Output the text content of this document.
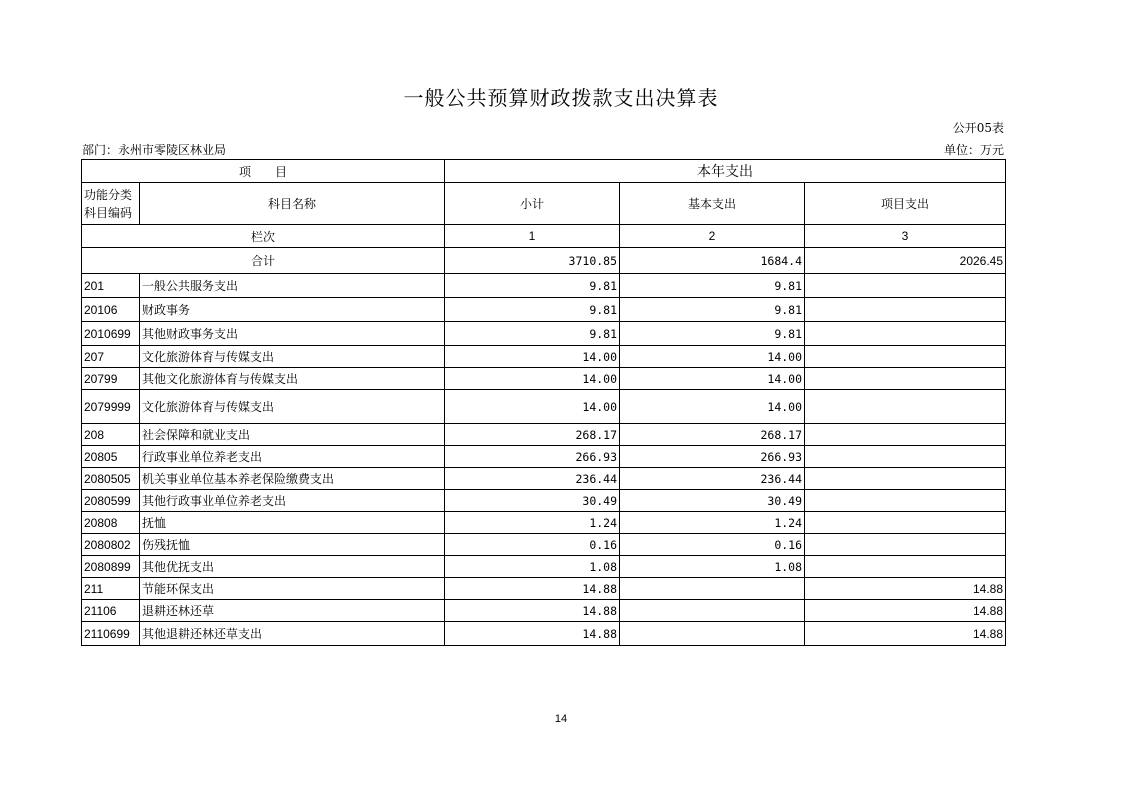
一般公共预算财政拨款支出决算表
公开05表
部门：永州市零陵区林业局	单位：万元
项　　目		本年支出		
功能分类
科目编码	科目名称	小计	基本支出	项目支出
栏次		1	2	3
合计		3710.85	1684.4	2026.45
201	一般公共服务支出	9.81	9.81	
20106	财政事务	9.81	9.81	
2010699	其他财政事务支出	9.81	9.81	
207	文化旅游体育与传媒支出	14.00	14.00	
20799	其他文化旅游体育与传媒支出	14.00	14.00	
2079999	文化旅游体育与传媒支出	14.00	14.00	
208	社会保障和就业支出	268.17	268.17	
20805	行政事业单位养老支出	266.93	266.93	
2080505	机关事业单位基本养老保险缴费支出	236.44	236.44	
2080599	其他行政事业单位养老支出	30.49	30.49	
20808	抚恤	1.24	1.24	
2080802	伤残抚恤	0.16	0.16	
2080899	其他优抚支出	1.08	1.08	
211	节能环保支出	14.88		14.88
21106	退耕还林还草	14.88		14.88
2110699	其他退耕还林还草支出	14.88		14.88
14
